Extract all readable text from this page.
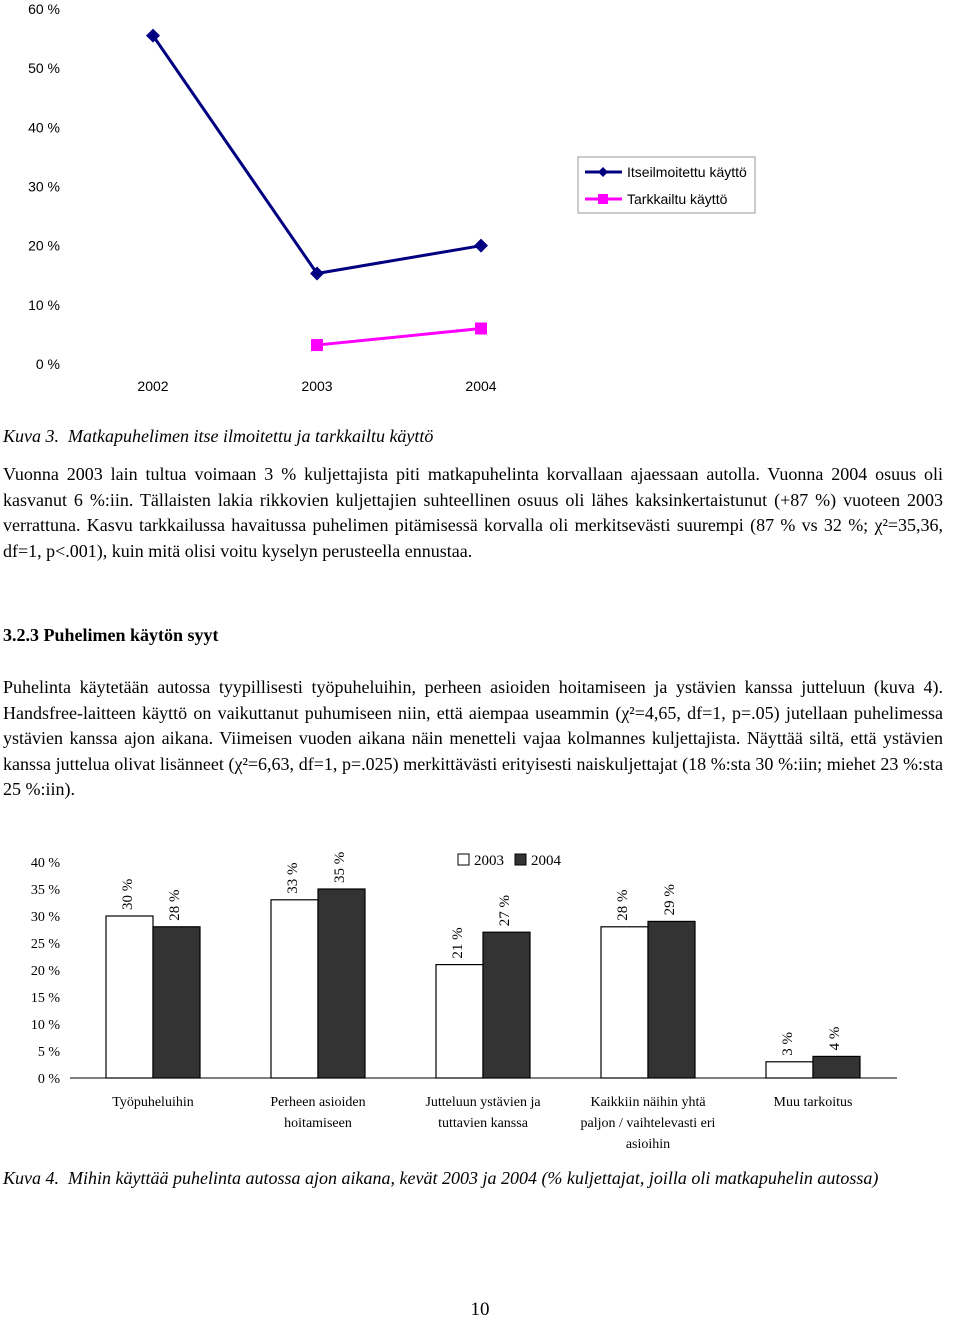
0 %
10 %
20 %
30 %
40 %
50 %
60 %
2002	2003	2004
Itseilmoitettu käyttö
Tarkkailtu käyttö

Kuva 3. Matkapuhelimen itse ilmoitettu ja tarkkailtu käyttö

Vuonna 2003 lain tultua voimaan 3 % kuljettajista piti matkapuhelinta korvallaan ajaessaan autolla. Vuonna 2004 osuus oli kasvanut 6 %:iin. Tällaisten lakia rikkovien kuljettajien suhteellinen osuus oli lähes kaksinkertaistunut (+87 %) vuoteen 2003 verrattuna. Kasvu tarkkailussa havaitussa puhelimen pitämisessä korvalla oli merkitsevästi suurempi (87 % vs 32 %; χ²=35,36, df=1, p<.001), kuin mitä olisi voitu kyselyn perusteella ennustaa.

3.2.3 Puhelimen käytön syyt

Puhelinta käytetään autossa tyypillisesti työpuheluihin, perheen asioiden hoitamiseen ja ystävien kanssa jutteluun (kuva 4). Handsfree-laitteen käyttö on vaikuttanut puhumiseen niin, että aiempaa useammin (χ²=4,65, df=1, p=.05) jutellaan puhelimessa ystävien kanssa ajon aikana. Viimeisen vuoden aikana näin menetteli vajaa kolmannes kuljettajista. Näyttää siltä, että ystävien kanssa juttelua olivat lisänneet (χ²=6,63, df=1, p=.025) merkittävästi erityisesti naiskuljettajat (18 %:sta 30 %:iin; miehet 23 %:sta 25 %:iin).

0 %
5 %
10 %
15 %
20 %
25 %
30 %
35 %
40 %
30 %
33 %
21 %
28 %
3 %
28 %
35 %
27 %	29 %
4 %
Työpuheluihin	Perheen asioiden hoitamiseen
Jutteluun ystävien ja tuttavien kanssa
Kaikkiin näihin yhtä paljon / vaihtelevasti eri asioihin
Muu tarkoitus
2003 2004

Kuva 4. Mihin käyttää puhelinta autossa ajon aikana, kevät 2003 ja 2004 (% kuljettajat, joilla oli matkapuhelin autossa)

10
